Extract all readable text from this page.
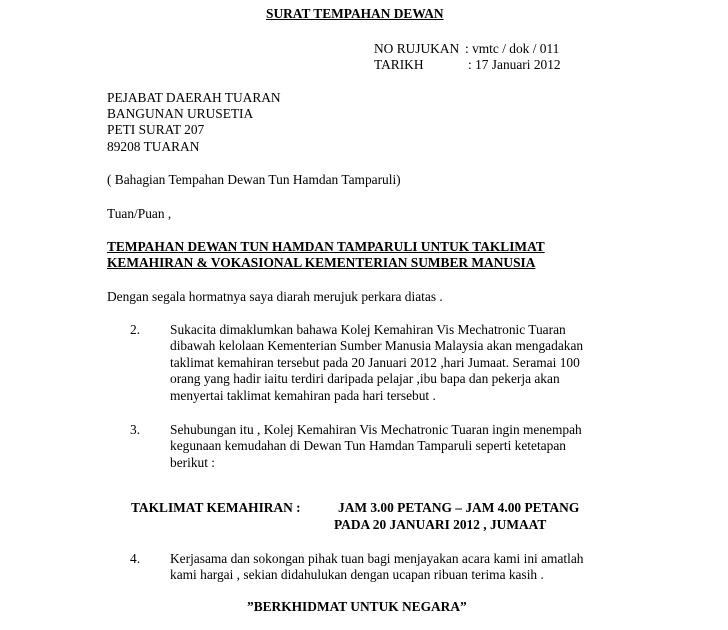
SURAT TEMPAHAN DEWAN
NO RUJUKAN : vmtc / dok / 011
TARIKH	: 17 Januari 2012
PEJABAT DAERAH TUARAN
BANGUNAN URUSETIA
PETI SURAT 207
89208 TUARAN
( Bahagian Tempahan Dewan Tun Hamdan Tamparuli)
Tuan/Puan ,
TEMPAHAN DEWAN TUN HAMDAN TAMPARULI UNTUK TAKLIMAT
KEMAHIRAN & VOKASIONAL KEMENTERIAN SUMBER MANUSIA
Dengan segala hormatnya saya diarah merujuk perkara diatas .
2. Sukacita dimaklumkan bahawa Kolej Kemahiran Vis Mechatronic Tuaran
dibawah kelolaan Kementerian Sumber Manusia Malaysia akan mengadakan
taklimat kemahiran tersebut pada 20 Januari 2012 ,hari Jumaat. Seramai 100
orang yang hadir iaitu terdiri daripada pelajar ,ibu bapa dan pekerja akan
menyertai taklimat kemahiran pada hari tersebut .
3. Sehubungan itu , Kolej Kemahiran Vis Mechatronic Tuaran ingin menempah
kegunaan kemudahan di Dewan Tun Hamdan Tamparuli seperti ketetapan
berikut :
TAKLIMAT KEMAHIRAN :	JAM 3.00 PETANG – JAM 4.00 PETANG
PADA 20 JANUARI 2012 , JUMAAT
4. Kerjasama dan sokongan pihak tuan bagi menjayakan acara kami ini amatlah
kami hargai , sekian didahulukan dengan ucapan ribuan terima kasih .
”BERKHIDMAT UNTUK NEGARA”
